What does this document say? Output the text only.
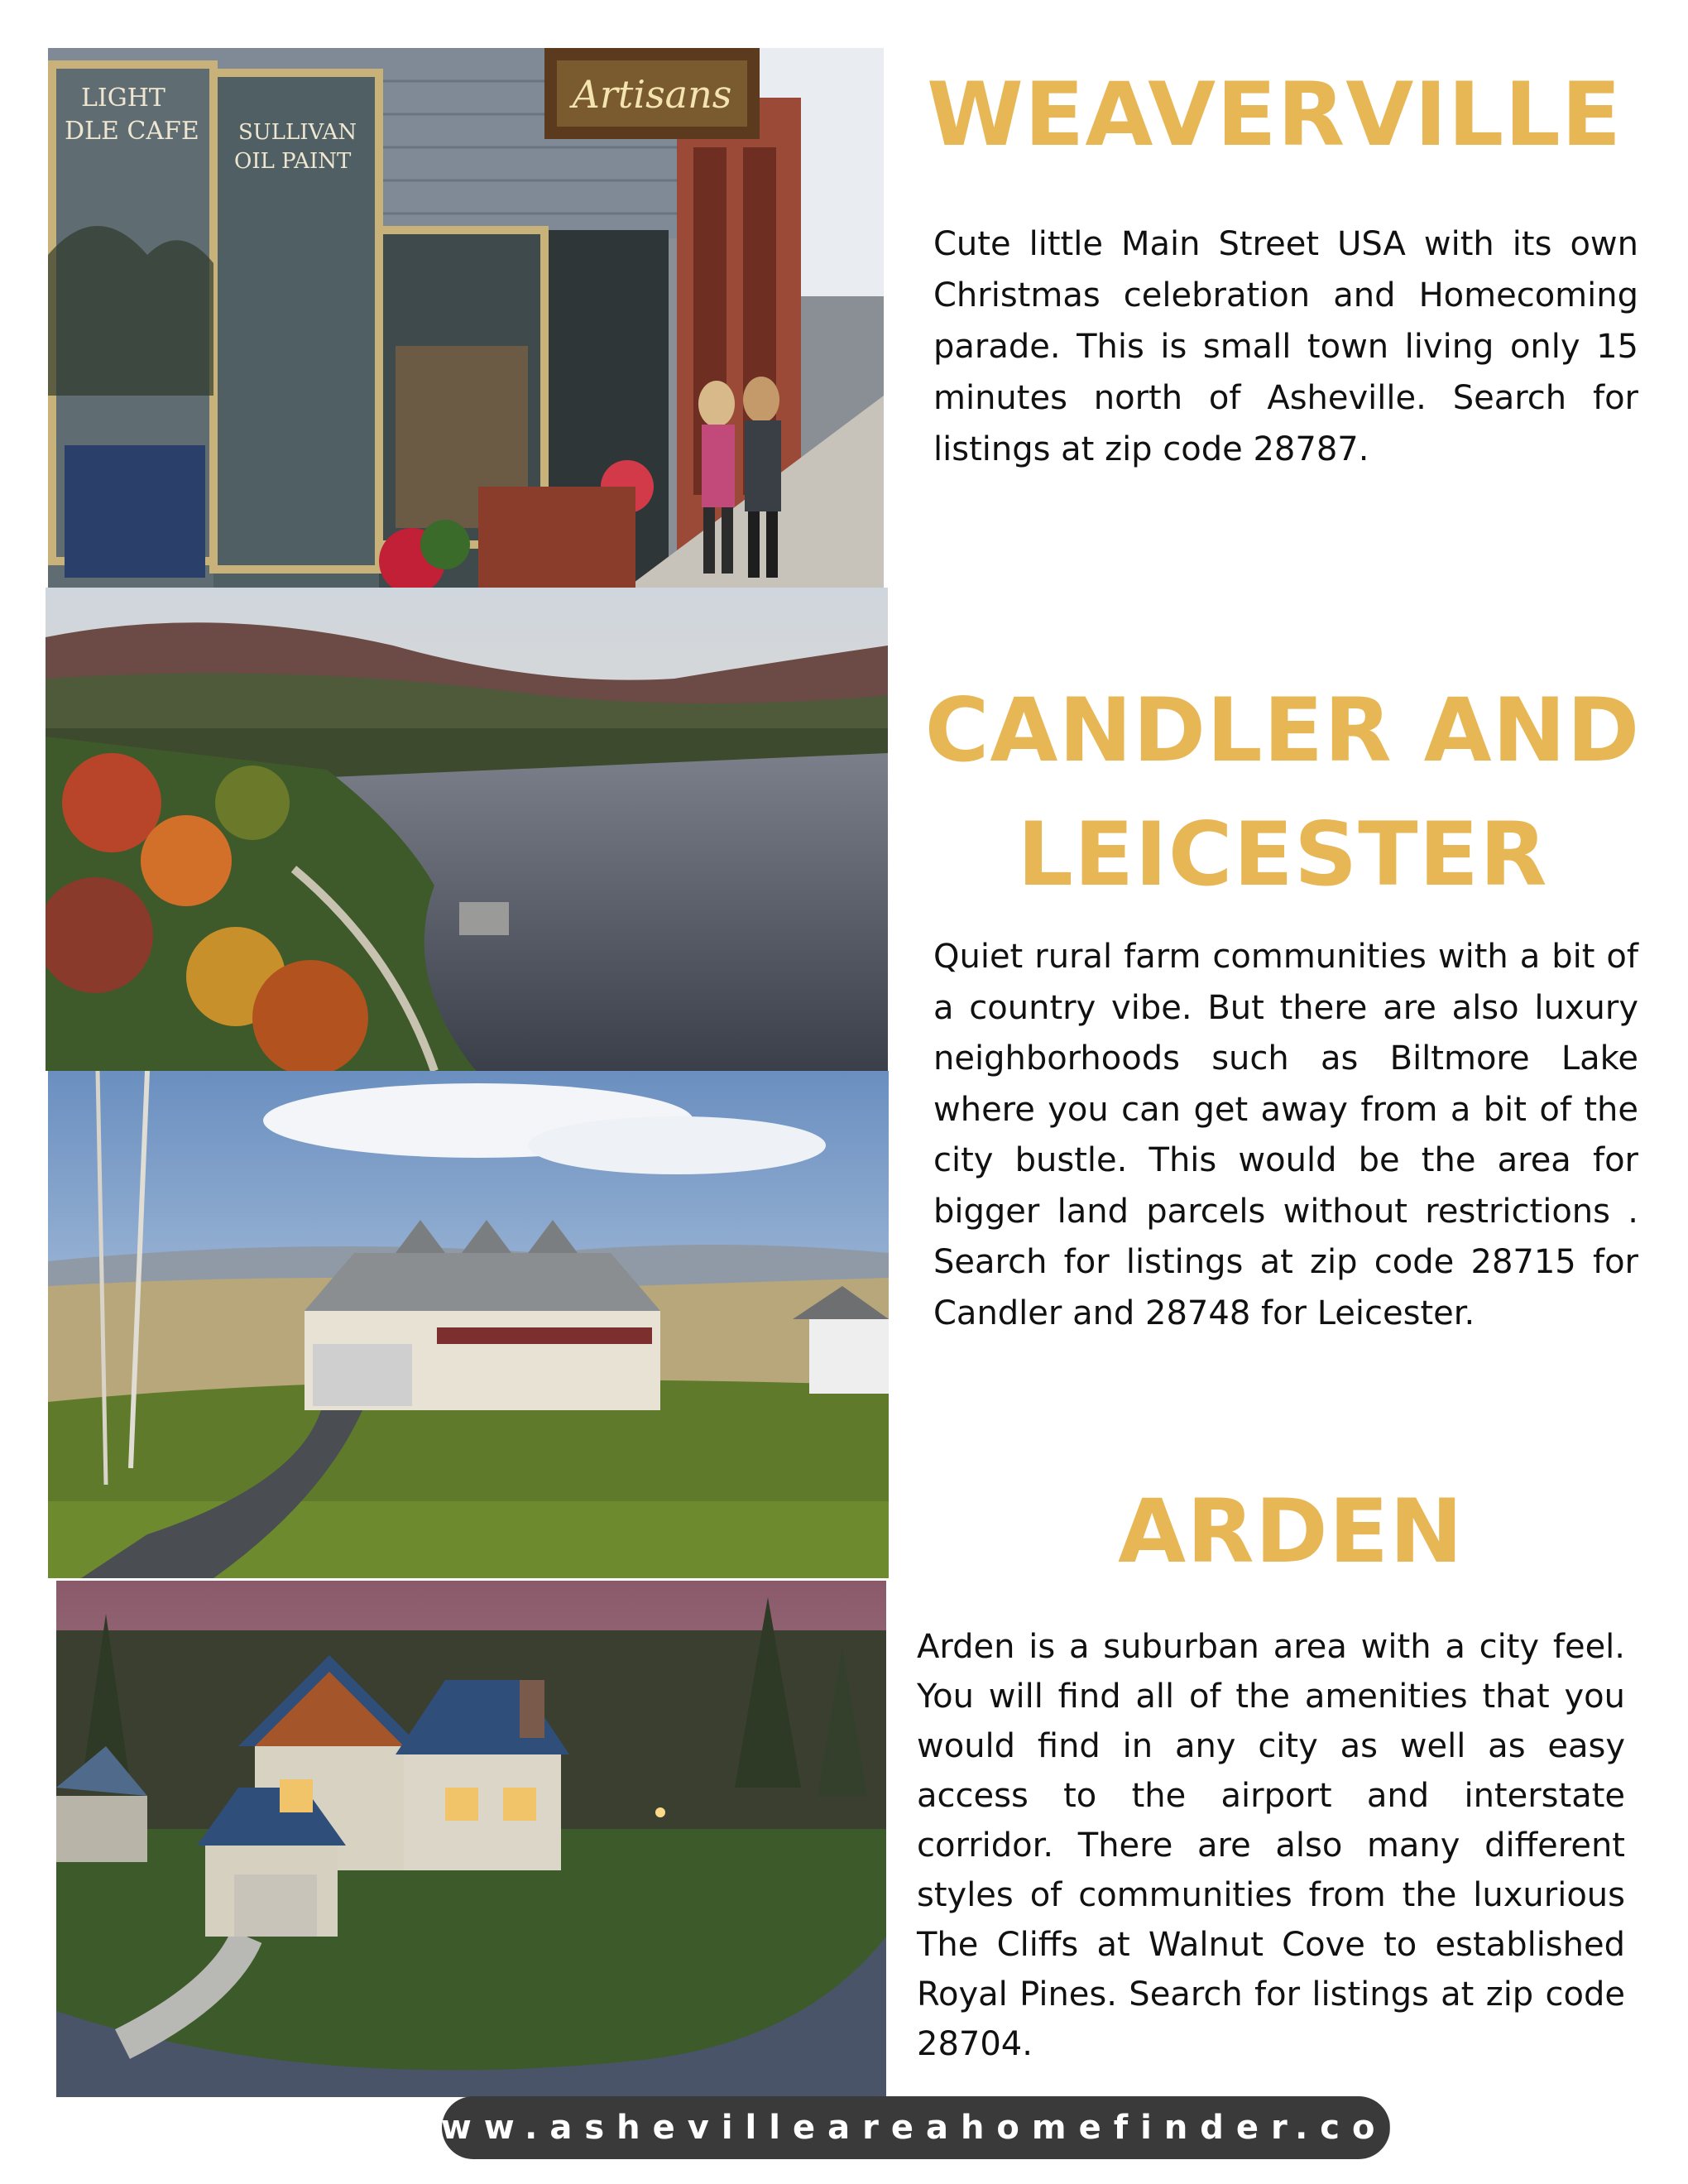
Artisans
LIGHT
DLE CAFE SULLIVAN
OIL PAINT	WEAVERVILLE

Cute little Main Street USA with its own Christmas celebration and Homecoming parade. This is small town living only 15 minutes north of Asheville. Search for listings at zip code 28787.

CANDLER AND LEICESTER

Quiet rural farm communities with a bit of a country vibe. But there are also luxury neighborhoods such as Biltmore Lake where you can get away from a bit of the city bustle. This would be the area for bigger land parcels without restrictions . Search for listings at zip code 28715 for Candler and 28748 for Leicester.

ARDEN

Arden is a suburban area with a city feel. You will find all of the amenities that you would find in any city as well as easy access to the airport and interstate corridor. There are also many different styles of communities from the luxurious The Cliffs at Walnut Cove to established Royal Pines. Search for listings at zip code 28704.

www.ashevilleareahomefinder.com
